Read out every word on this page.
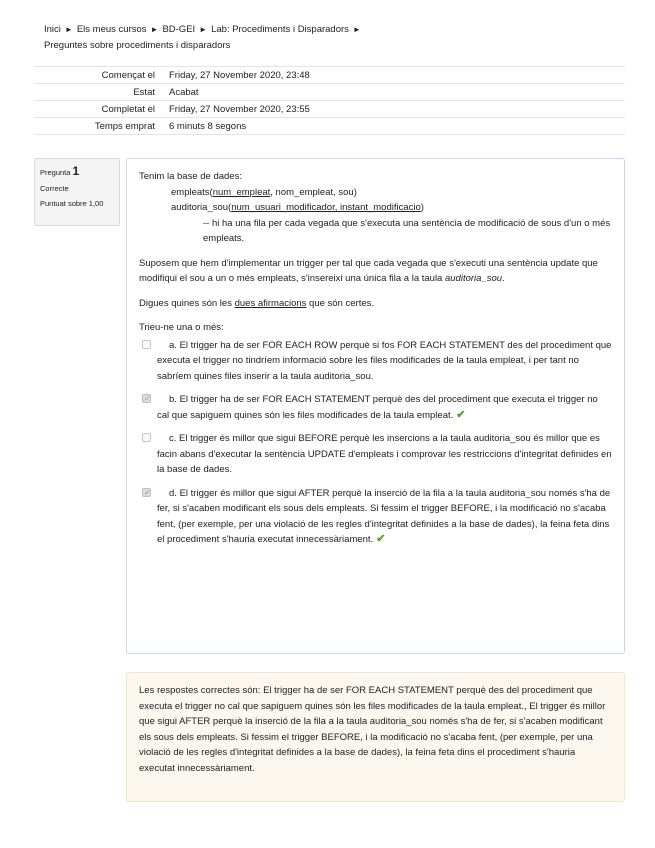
Inici ► Els meus cursos ► BD-GEI ► Lab: Procediments i Disparadors ►
Preguntes sobre procediments i disparadors
Començat el	Friday, 27 November 2020, 23:48
Estat	Acabat
Completat el	Friday, 27 November 2020, 23:55
Temps emprat	6 minuts 8 segons
Pregunta 1
Correcte
Puntuat sobre 1,00

Tenim la base de dades:

empleats(num_empleat, nom_empleat, sou)

auditoria_sou(num_usuari_modificador, instant_modificacio)

-- hi ha una fila per cada vegada que s'executa una sentència de modificació de sous d'un o més empleats.

Suposem que hem d'implementar un trigger per tal que cada vegada que s'executi una sentència update que modifiqui el sou a un o més empleats, s'insereixi una única fila a la taula auditoria_sou.

Digues quines són les dues afirmacions que són certes.

Trieu-ne una o més:

a. El trigger ha de ser FOR EACH ROW perquè si fos FOR EACH STATEMENT des del procediment que executa el trigger no tindríem informació sobre les files modificades de la taula empleat, i per tant no sabríem quines files inserir a la taula auditoria_sou.
✓
b. El trigger ha de ser FOR EACH STATEMENT perquè des del procediment que executa el trigger no cal que sapiguem quines són les files modificades de la taula empleat. ✔
c. El trigger és millor que sigui BEFORE perquè les insercions a la taula auditoria_sou és millor que es facin abans d'executar la sentència UPDATE d'empleats i comprovar les restriccions d'integritat definides en la base de dades.
✓
d. El trigger és millor que sigui AFTER perquè la inserció de la fila a la taula auditoria_sou només s'ha de fer, si s'acaben modificant els sous dels empleats. Si fessim el trigger BEFORE, i la modificació no s'acaba fent, (per exemple, per una violació de les regles d'integritat definides a la base de dades), la feina feta dins el procediment s'hauria executat innecessàriament. ✔

Les respostes correctes són: El trigger ha de ser FOR EACH STATEMENT perquè des del procediment que executa el trigger no cal que sapiguem quines són les files modificades de la taula empleat., El trigger és millor que sigui AFTER perquè la inserció de la fila a la taula auditoria_sou només s'ha de fer, si s'acaben modificant els sous dels empleats. Si fessim el trigger BEFORE, i la modificació no s'acaba fent, (per exemple, per una violació de les regles d'integritat definides a la base de dades), la feina feta dins el procediment s'hauria executat innecessàriament.
